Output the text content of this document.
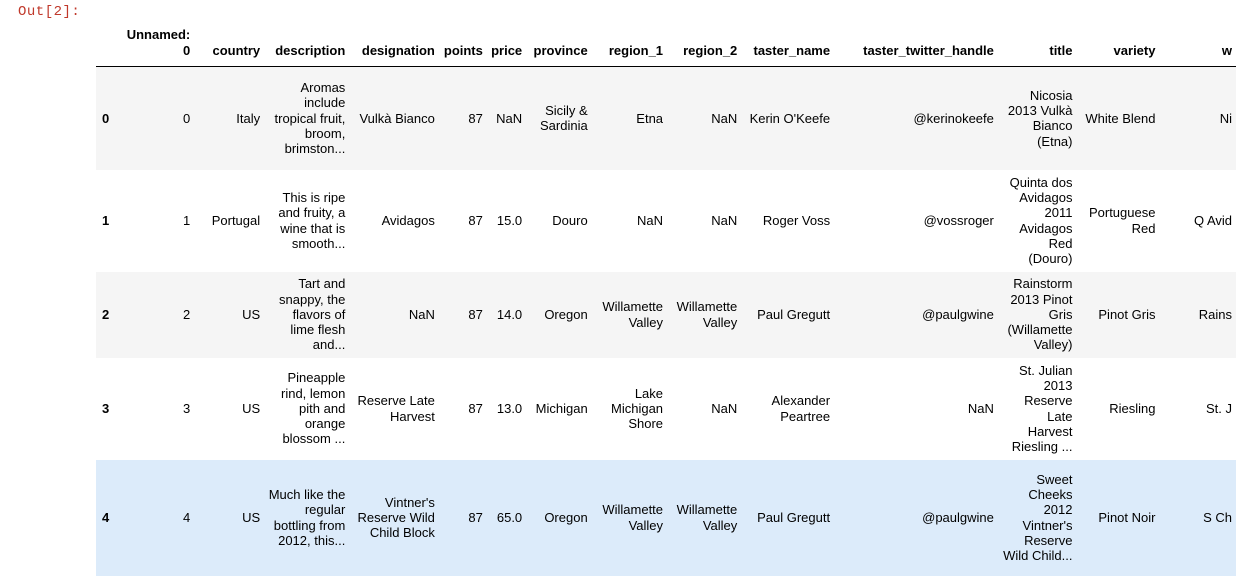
Out[2]:
	Unnamed: 0	country	description	designation	points	price	province	region_1	region_2	taster_name	taster_twitter_handle	title	variety	w
0	0	Italy	Aromas include tropical fruit, broom, brimston...	Vulkà Bianco	87	NaN	Sicily & Sardinia	Etna	NaN	Kerin O'Keefe	@kerinokeefe	Nicosia 2013 Vulkà Bianco (Etna)	White Blend	Ni
1	1	Portugal	This is ripe and fruity, a wine that is smooth...	Avidagos	87	15.0	Douro	NaN	NaN	Roger Voss	@vossroger	Quinta dos Avidagos 2011 Avidagos Red (Douro)	Portuguese Red	Q Avid
2	2	US	Tart and snappy, the flavors of lime flesh and...	NaN	87	14.0	Oregon	Willamette Valley	Willamette Valley	Paul Gregutt	@paulgwine	Rainstorm 2013 Pinot Gris (Willamette Valley)	Pinot Gris	Rains
3	3	US	Pineapple rind, lemon pith and orange blossom ...	Reserve Late Harvest	87	13.0	Michigan	Lake Michigan Shore	NaN	Alexander Peartree	NaN	St. Julian 2013 Reserve Late Harvest Riesling ...	Riesling	St. J
4	4	US	Much like the regular bottling from 2012, this...	Vintner's Reserve Wild Child Block	87	65.0	Oregon	Willamette Valley	Willamette Valley	Paul Gregutt	@paulgwine	Sweet Cheeks 2012 Vintner's Reserve Wild Child...	Pinot Noir	S Ch
